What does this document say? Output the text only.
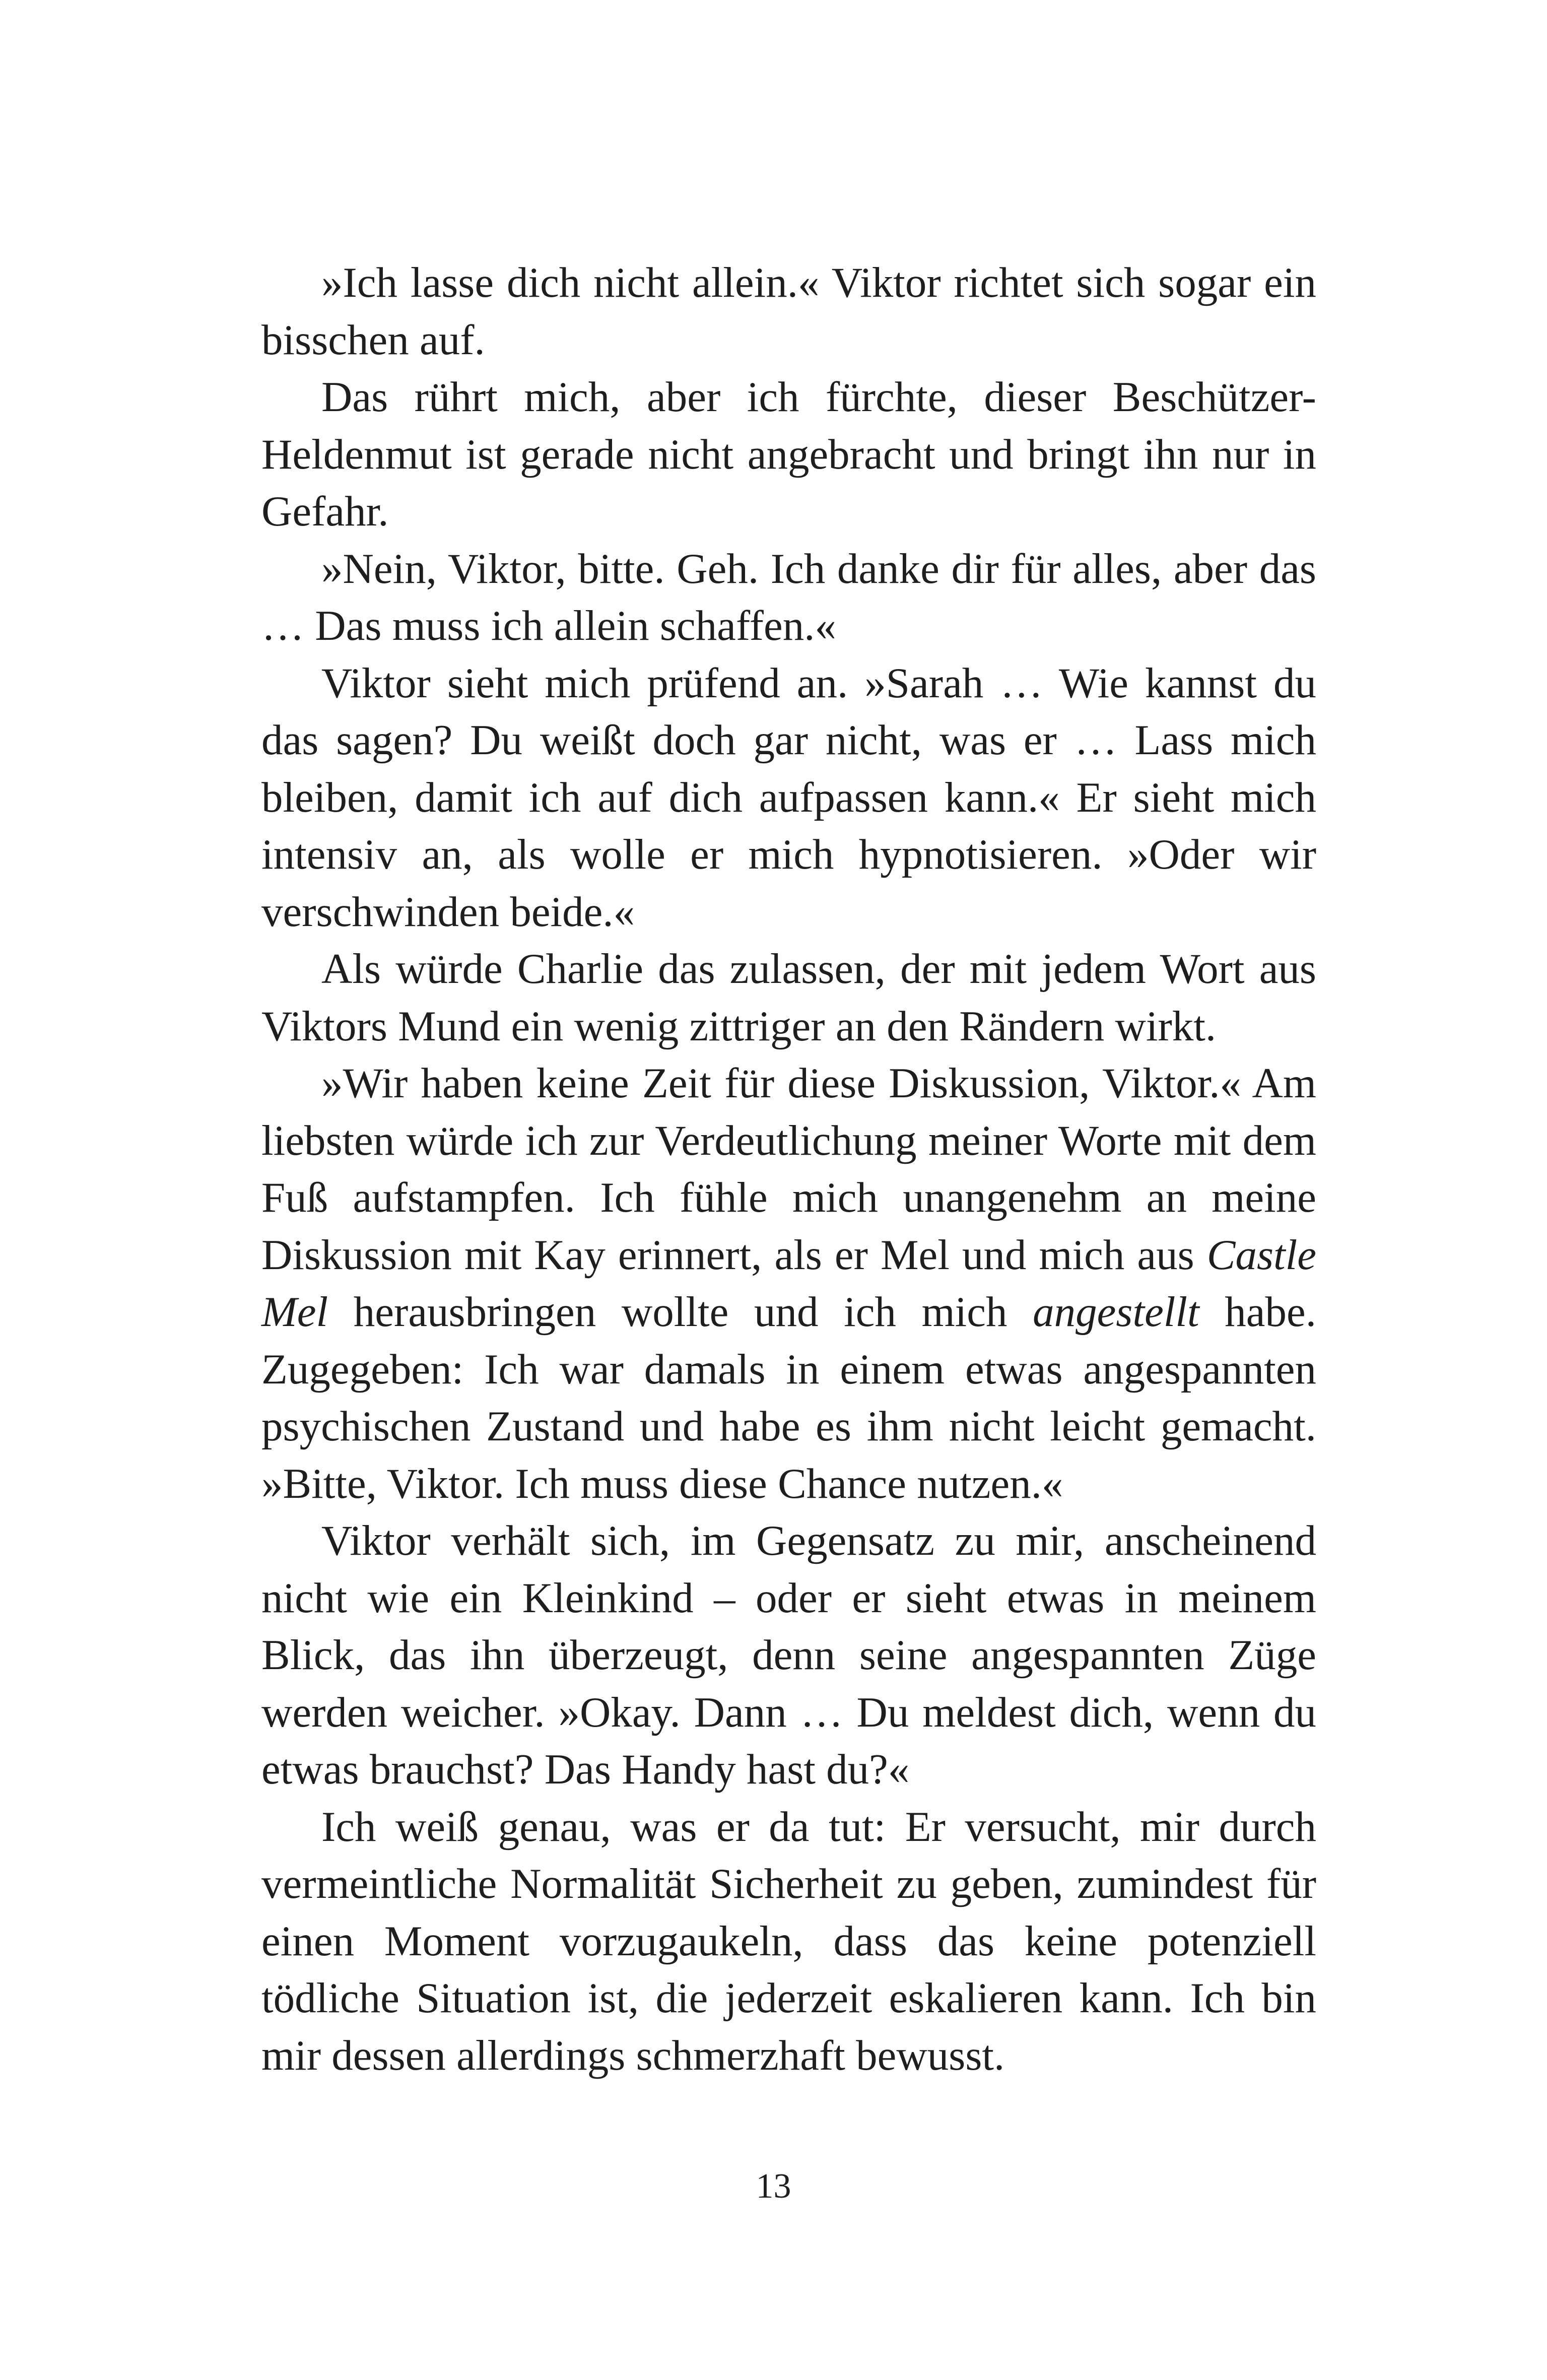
»Ich lasse dich nicht allein.« Viktor richtet sich sogar ein bisschen auf.

Das rührt mich, aber ich fürchte, dieser Beschützer-Heldenmut ist gerade nicht angebracht und bringt ihn nur in Gefahr.

»Nein, Viktor, bitte. Geh. Ich danke dir für alles, aber das … Das muss ich allein schaffen.«

Viktor sieht mich prüfend an. »Sarah … Wie kannst du das sagen? Du weißt doch gar nicht, was er … Lass mich bleiben, damit ich auf dich aufpassen kann.« Er sieht mich intensiv an, als wolle er mich hypnotisieren. »Oder wir verschwinden beide.«

Als würde Charlie das zulassen, der mit jedem Wort aus Viktors Mund ein wenig zittriger an den Rändern wirkt.

»Wir haben keine Zeit für diese Diskussion, Viktor.« Am liebsten würde ich zur Verdeutlichung meiner Worte mit dem Fuß aufstampfen. Ich fühle mich unangenehm an meine Diskussion mit Kay erinnert, als er Mel und mich aus Castle Mel herausbringen wollte und ich mich angestellt habe. Zugegeben: Ich war damals in einem etwas angespannten psychischen Zustand und habe es ihm nicht leicht gemacht. »Bitte, Viktor. Ich muss diese Chance nutzen.«

Viktor verhält sich, im Gegensatz zu mir, anscheinend nicht wie ein Kleinkind – oder er sieht etwas in meinem Blick, das ihn überzeugt, denn seine angespannten Züge werden weicher. »Okay. Dann … Du meldest dich, wenn du etwas brauchst? Das Handy hast du?«

Ich weiß genau, was er da tut: Er versucht, mir durch vermeintliche Normalität Sicherheit zu geben, zumindest für einen Moment vorzugaukeln, dass das keine potenziell tödliche Situation ist, die jederzeit eskalieren kann. Ich bin mir dessen allerdings schmerzhaft bewusst.

13
